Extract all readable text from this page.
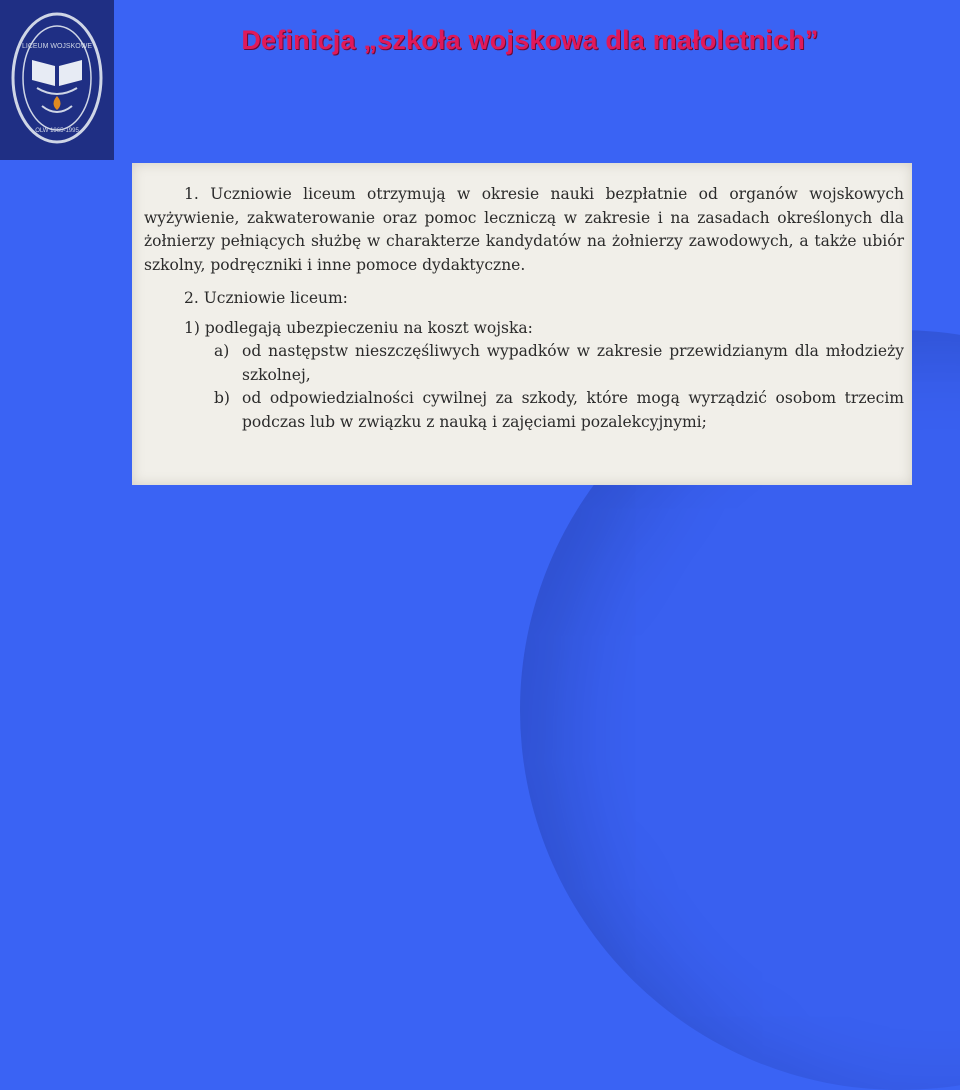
LICEUM WOJSKOWE
OLW 1965-1995
Definicja „szkoła wojskowa dla małoletnich”

1. Uczniowie liceum otrzymują w okresie nauki bezpłatnie od organów wojskowych wyżywienie, zakwaterowanie oraz pomoc leczniczą w zakresie i na zasadach określonych dla żołnierzy pełniących służbę w charakterze kandydatów na żołnierzy zawodowych, a także ubiór szkolny, podręczniki i inne pomoce dydaktyczne.

2. Uczniowie liceum:

1) podlegają ubezpieczeniu na koszt wojska:

a) od następstw nieszczęśliwych wypadków w zakresie przewidzianym dla młodzieży szkolnej,
b) od odpowiedzialności cywilnej za szkody, które mogą wyrządzić osobom trzecim podczas lub w związku z nauką i zajęciami pozalekcyjnymi;
